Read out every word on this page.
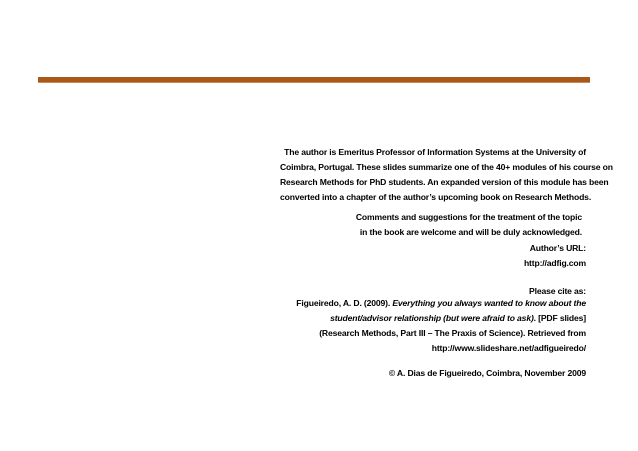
The author is Emeritus Professor of Information Systems at the University of
Coimbra, Portugal. These slides summarize one of the 40+ modules of his course on
Research Methods for PhD students. An expanded version of this module has been
converted into a chapter of the author’s upcoming book on Research Methods.
Comments and suggestions for the treatment of the topic
in the book are welcome and will be duly acknowledged.
Author’s URL:
http://adfig.com
Please cite as:
Figueiredo, A. D. (2009). Everything you always wanted to know about the
student/advisor relationship (but were afraid to ask). [PDF slides]
(Research Methods, Part III – The Praxis of Science). Retrieved from
http://www.slideshare.net/adfigueiredo/
© A. Dias de Figueiredo, Coimbra, November 2009
